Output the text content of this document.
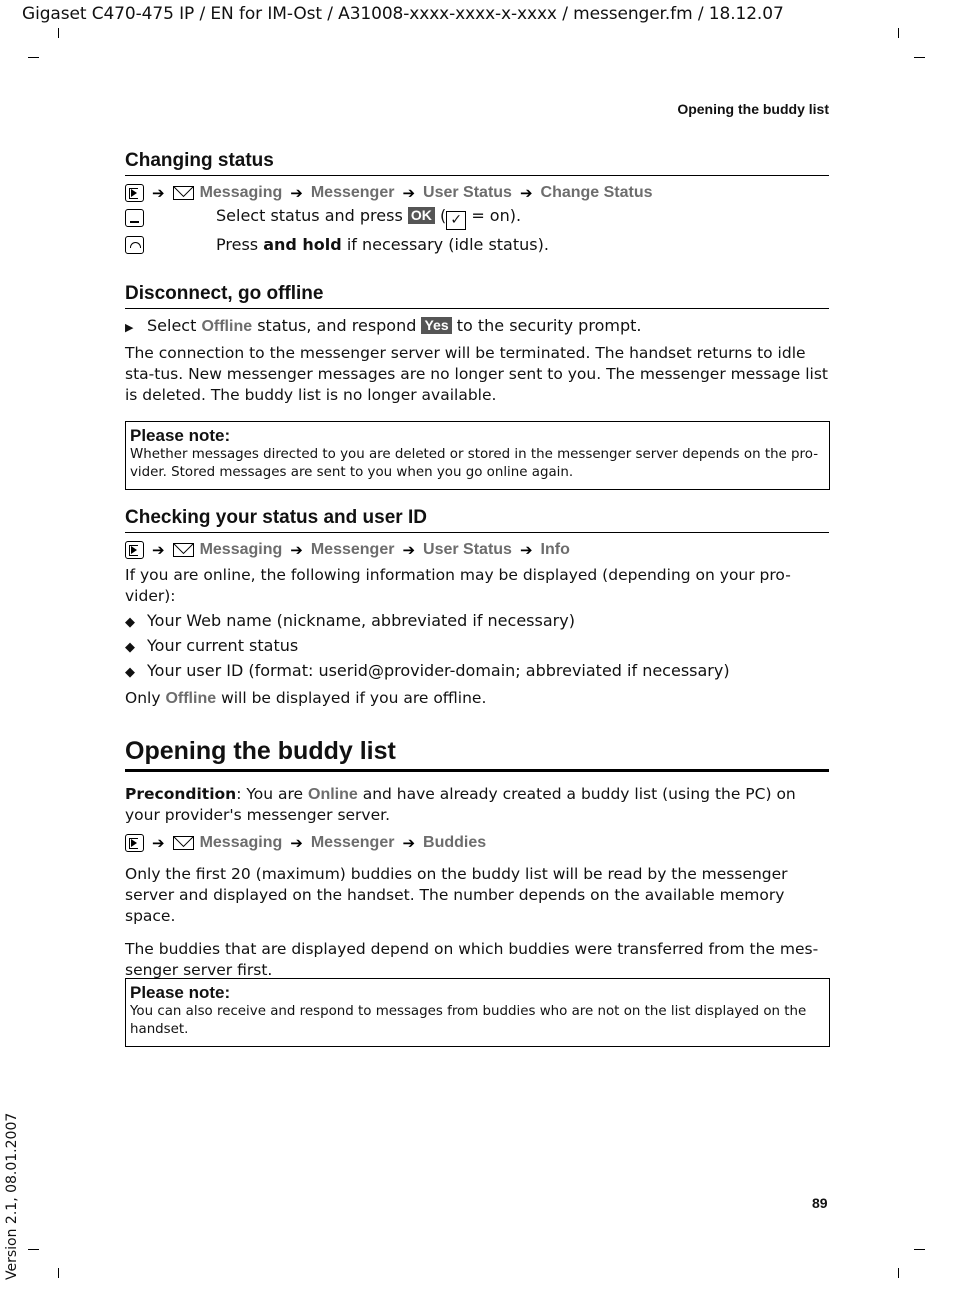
Gigaset C470-475 IP / EN for IM-Ost / A31008-xxxx-xxxx-x-xxxx / messenger.fm / 18.12.07
Opening the buddy list
89
Version 2.1, 08.01.2007
Changing status
➔ Messaging ➔ Messenger ➔ User Status ➔ Change Status
Select status and press OK ( ✓ = on).
Press and hold if necessary (idle status).
Disconnect, go offline
▶ Select Offline status, and respond Yes to the security prompt.

The connection to the messenger server will be terminated. The handset returns to idle sta-tus. New messenger messages are no longer sent to you. The messenger message list is deleted. The buddy list is no longer available.

Please note:
Whether messages directed to you are deleted or stored in the messenger server depends on the pro-vider. Stored messages are sent to you when you go online again.
Checking your status and user ID
➔ Messaging ➔ Messenger ➔ User Status ➔ Info

If you are online, the following information may be displayed (depending on your pro-vider):

◆ Your Web name (nickname, abbreviated if necessary)
◆ Your current status
◆ Your user ID (format: userid@provider-domain; abbreviated if necessary)

Only Offline will be displayed if you are offline.

Opening the buddy list

Precondition: You are Online and have already created a buddy list (using the PC) on your provider's messenger server.

➔ Messaging ➔ Messenger ➔ Buddies

Only the first 20 (maximum) buddies on the buddy list will be read by the messenger server and displayed on the handset. The number depends on the available memory space.

The buddies that are displayed depend on which buddies were transferred from the mes-senger server first.

Please note:
You can also receive and respond to messages from buddies who are not on the list displayed on the handset.
